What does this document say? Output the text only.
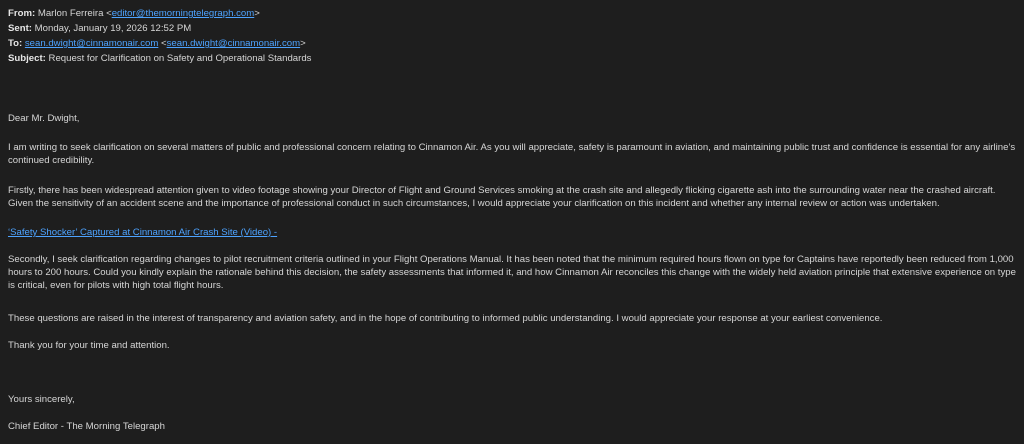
From: Marlon Ferreira <editor@themorningtelegraph.com>
Sent: Monday, January 19, 2026 12:52 PM
To: sean.dwight@cinnamonair.com <sean.dwight@cinnamonair.com>
Subject: Request for Clarification on Safety and Operational Standards

Dear Mr. Dwight,

I am writing to seek clarification on several matters of public and professional concern relating to Cinnamon Air. As you will appreciate, safety is paramount in aviation, and maintaining public trust and confidence is essential for any airline’s continued credibility.

Firstly, there has been widespread attention given to video footage showing your Director of Flight and Ground Services smoking at the crash site and allegedly flicking cigarette ash into the surrounding water near the crashed aircraft. Given the sensitivity of an accident scene and the importance of professional conduct in such circumstances, I would appreciate your clarification on this incident and whether any internal review or action was undertaken.

‘Safety Shocker’ Captured at Cinnamon Air Crash Site (Video) -

Secondly, I seek clarification regarding changes to pilot recruitment criteria outlined in your Flight Operations Manual. It has been noted that the minimum required hours flown on type for Captains have reportedly been reduced from 1,000 hours to 200 hours. Could you kindly explain the rationale behind this decision, the safety assessments that informed it, and how Cinnamon Air reconciles this change with the widely held aviation principle that extensive experience on type is critical, even for pilots with high total flight hours.

These questions are raised in the interest of transparency and aviation safety, and in the hope of contributing to informed public understanding. I would appreciate your response at your earliest convenience.

Thank you for your time and attention.

Yours sincerely,

Chief Editor - The Morning Telegraph
